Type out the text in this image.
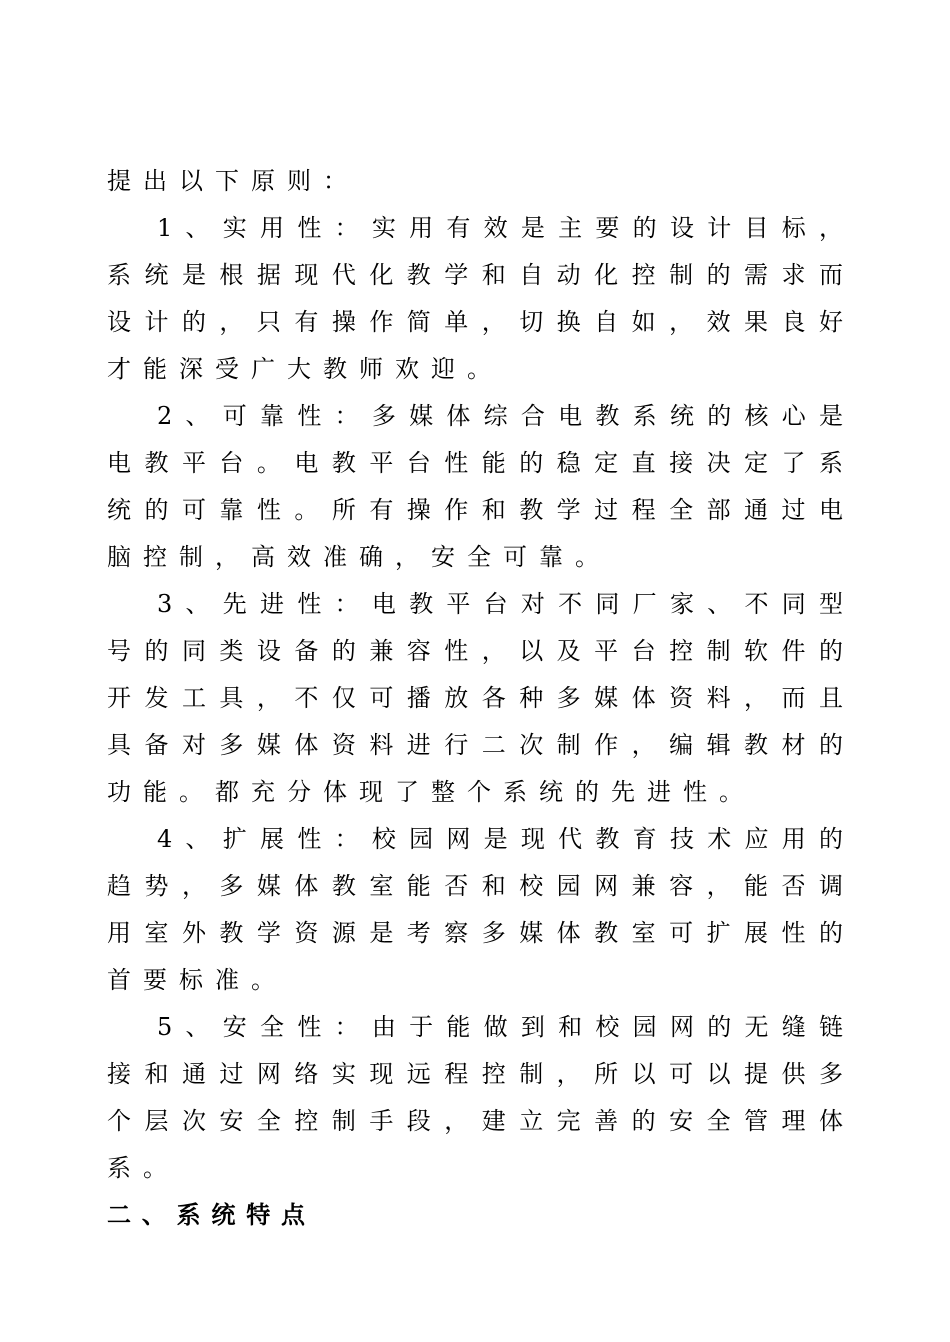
提出以下原则：

1、实用性：实用有效是主要的设计目标，系统是根据现代化教学和自动化控制的需求而设计的，只有操作简单，切换自如，效果良好才能深受广大教师欢迎。

2、可靠性：多媒体综合电教系统的核心是电教平台。电教平台性能的稳定直接决定了系统的可靠性。所有操作和教学过程全部通过电脑控制，高效准确，安全可靠。

3、先进性：电教平台对不同厂家、不同型号的同类设备的兼容性，以及平台控制软件的开发工具，不仅可播放各种多媒体资料，而且具备对多媒体资料进行二次制作，编辑教材的功能。都充分体现了整个系统的先进性。

4、扩展性：校园网是现代教育技术应用的趋势，多媒体教室能否和校园网兼容，能否调用室外教学资源是考察多媒体教室可扩展性的首要标准。

5、安全性：由于能做到和校园网的无缝链接和通过网络实现远程控制，所以可以提供多个层次安全控制手段，建立完善的安全管理体系。

二、系统特点
